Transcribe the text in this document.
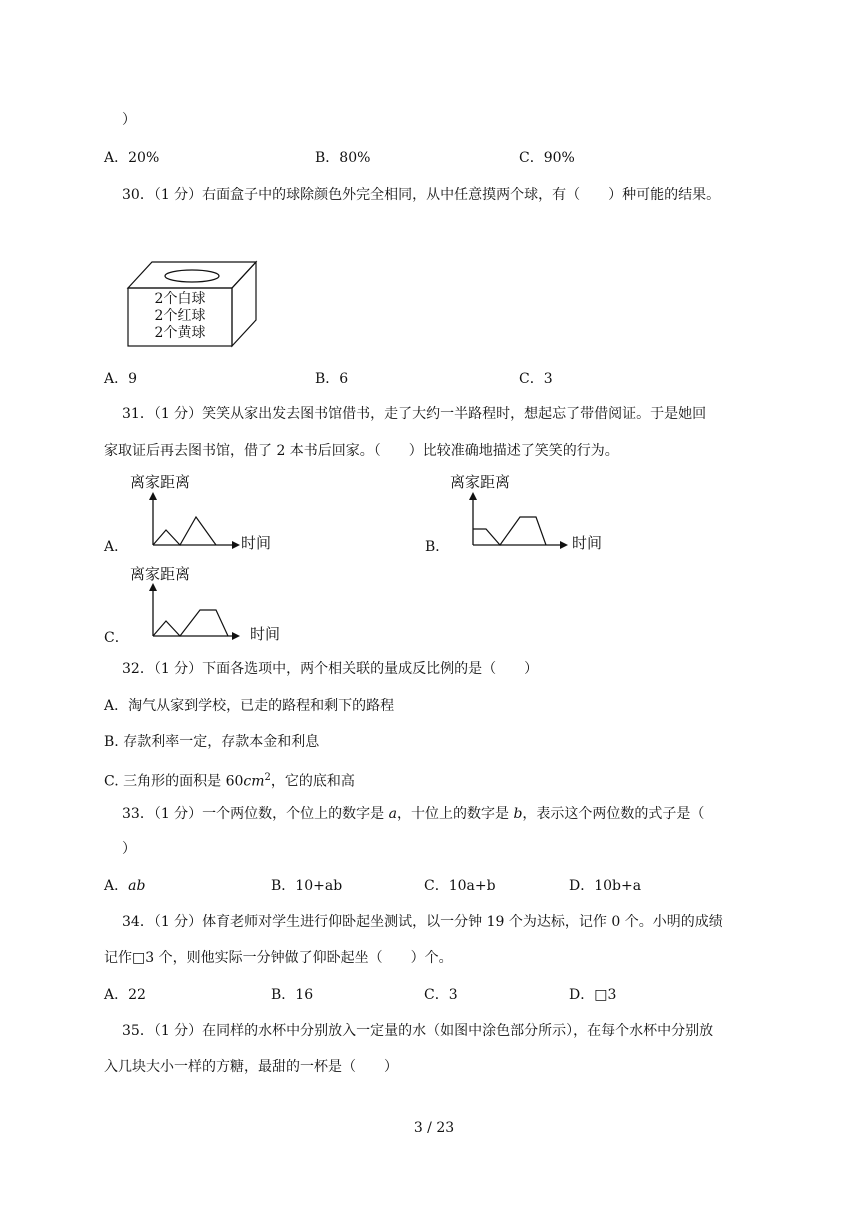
）
A．20%	B．80%	C．90%
30．（1 分）右面盒子中的球除颜色外完全相同，从中任意摸两个球，有（　　）种可能的结果。
2个白球
2个红球
2个黄球
A．9	B．6	C．3
31．（1 分）笑笑从家出发去图书馆借书，走了大约一半路程时，想起忘了带借阅证。于是她回
家取证后再去图书馆，借了 2 本书后回家。（　　）比较准确地描述了笑笑的行为。
离家距离
A．	时间
离家距离
B．	时间
离家距离
C．	时间
32．（1 分）下面各选项中，两个相关联的量成反比例的是（　　）
A．淘气从家到学校，已走的路程和剩下的路程
B. 存款利率一定，存款本金和利息
C. 三角形的面积是 $60cm^2$，它的底和高
33．（1 分）一个两位数，个位上的数字是 a，十位上的数字是 b，表示这个两位数的式子是（
）
A．ab	B．10+ab	C．10a+b	D．10b+a
34．（1 分）体育老师对学生进行仰卧起坐测试，以一分钟 19 个为达标，记作 0 个。小明的成绩
记作□3 个，则他实际一分钟做了仰卧起坐（　　）个。
A．22	B．16	C．3	D．□3
35．（1 分）在同样的水杯中分别放入一定量的水（如图中涂色部分所示），在每个水杯中分别放
入几块大小一样的方糖，最甜的一杯是（　　）
3 / 23
